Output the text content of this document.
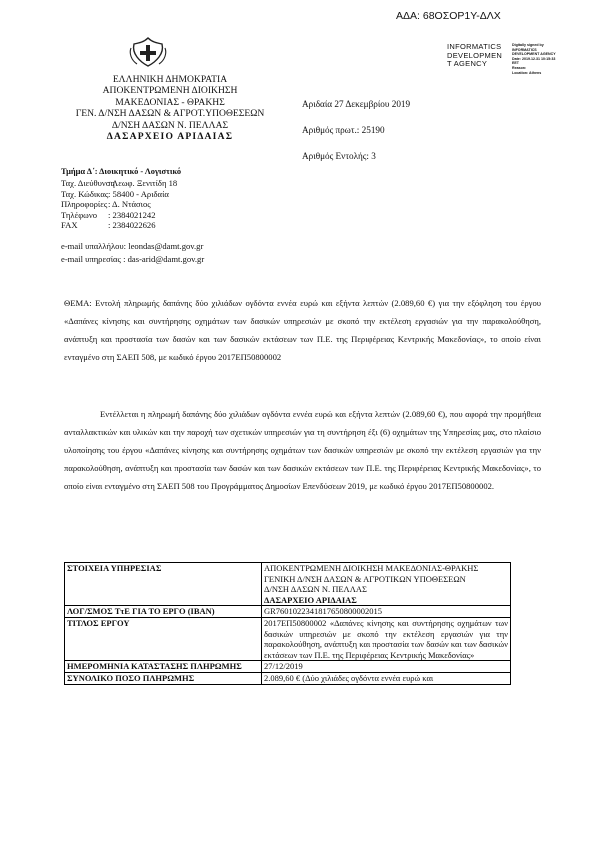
ΑΔΑ: 68ΟΣΟΡ1Υ-ΔΛΧ
INFORMATICS
DEVELOPMEN
T AGENCY
Digitally signed by
INFORMATICS
DEVELOPMENT AGENCY
Date: 2019.12.31 10:15:33
EET
Reason:
Location: Athens
ΕΛΛΗΝΙΚΗ ΔΗΜΟΚΡΑΤΙΑ
ΑΠΟΚΕΝΤΡΩΜΕΝΗ ΔΙΟΙΚΗΣΗ
ΜΑΚΕΔΟΝΙΑΣ - ΘΡΑΚΗΣ
ΓΕΝ. Δ/ΝΣΗ ΔΑΣΩΝ & ΑΓΡΟΤ.ΥΠΟΘΕΣΕΩΝ
Δ/ΝΣΗ ΔΑΣΩΝ Ν. ΠΕΛΛΑΣ
ΔΑΣΑΡΧΕΙΟ ΑΡΙΔΑΙΑΣ
Αριδαία 27 Δεκεμβρίου 2019
Αριθμός πρωτ.: 25190
Αριθμός Εντολής: 3
Τμήμα Δ΄: Διοικητικό - Λογιστικό
Ταχ. Διεύθυνση
: Λεωφ. Ξενιτίδη 18
Ταχ. Κώδικας : 58400 - Αριδαία
Πληροφορίες : Δ. Ντάσιος
Τηλέφωνο	: 2384021242
FAX	: 2384022626
e-mail υπαλλήλου: leondas@damt.gov.gr
e-mail υπηρεσίας : das-arid@damt.gov.gr

ΘΕΜΑ: Εντολή πληρωμής δαπάνης δύο χιλιάδων ογδόντα εννέα ευρώ και εξήντα λεπτών (2.089,60 €) για την εξόφληση του έργου «Δαπάνες κίνησης και συντήρησης οχημάτων των δασικών υπηρεσιών με σκοπό την εκτέλεση εργασιών για την παρακολούθηση, ανάπτυξη και προστασία των δασών και των δασικών εκτάσεων των Π.Ε. της Περιφέρειας Κεντρικής Μακεδονίας», το οποίο είναι ενταγμένο στη ΣΑΕΠ 508, με κωδικό έργου 2017ΕΠ50800002

Εντέλλεται η πληρωμή δαπάνης δύο χιλιάδων ογδόντα εννέα ευρώ και εξήντα λεπτών (2.089,60 €), που αφορά την προμήθεια ανταλλακτικών και υλικών και την παροχή των σχετικών υπηρεσιών για τη συντήρηση έξι (6) οχημάτων της Υπηρεσίας μας, στο πλαίσιο υλοποίησης του έργου «Δαπάνες κίνησης και συντήρησης οχημάτων των δασικών υπηρεσιών με σκοπό την εκτέλεση εργασιών για την παρακολούθηση, ανάπτυξη και προστασία των δασών και των δασικών εκτάσεων των Π.Ε. της Περιφέρειας Κεντρικής Μακεδονίας», το οποίο είναι ενταγμένο στη ΣΑΕΠ 508 του Προγράμματος Δημοσίων Επενδύσεων 2019, με κωδικό έργου 2017ΕΠ50800002.

ΣΤΟΙΧΕΙΑ ΥΠΗΡΕΣΙΑΣ	ΑΠΟΚΕΝΤΡΩΜΕΝΗ ΔΙΟΙΚΗΣΗ ΜΑΚΕΔΟΝΙΑΣ-ΘΡΑΚΗΣ
ΓΕΝΙΚΗ Δ/ΝΣΗ ΔΑΣΩΝ & ΑΓΡΟΤΙΚΩΝ ΥΠΟΘΕΣΕΩΝ
Δ/ΝΣΗ ΔΑΣΩΝ Ν. ΠΕΛΛΑΣ
ΔΑΣΑΡΧΕΙΟ ΑΡΙΔΑΙΑΣ

ΛΟΓ/ΣΜΟΣ ΤτΕ ΓΙΑ ΤΟ ΕΡΓΟ (IBAN)	GR7601022341817650800002015
ΤΙΤΛΟΣ ΕΡΓΟΥ	2017ΕΠ50800002 «Δαπάνες κίνησης και συντήρησης οχημάτων των δασικών υπηρεσιών με σκοπό την εκτέλεση εργασιών για την παρακολούθηση, ανάπτυξη και προστασία των δασών και των δασικών εκτάσεων των Π.Ε. της Περιφέρειας Κεντρικής Μακεδονίας»
ΗΜΕΡΟΜΗΝΙΑ ΚΑΤΑΣΤΑΣΗΣ ΠΛΗΡΩΜΗΣ	27/12/2019
ΣΥΝΟΛΙΚΟ ΠΟΣΟ ΠΛΗΡΩΜΗΣ	2.089,60 € (Δύο χιλιάδες ογδόντα εννέα ευρώ και
